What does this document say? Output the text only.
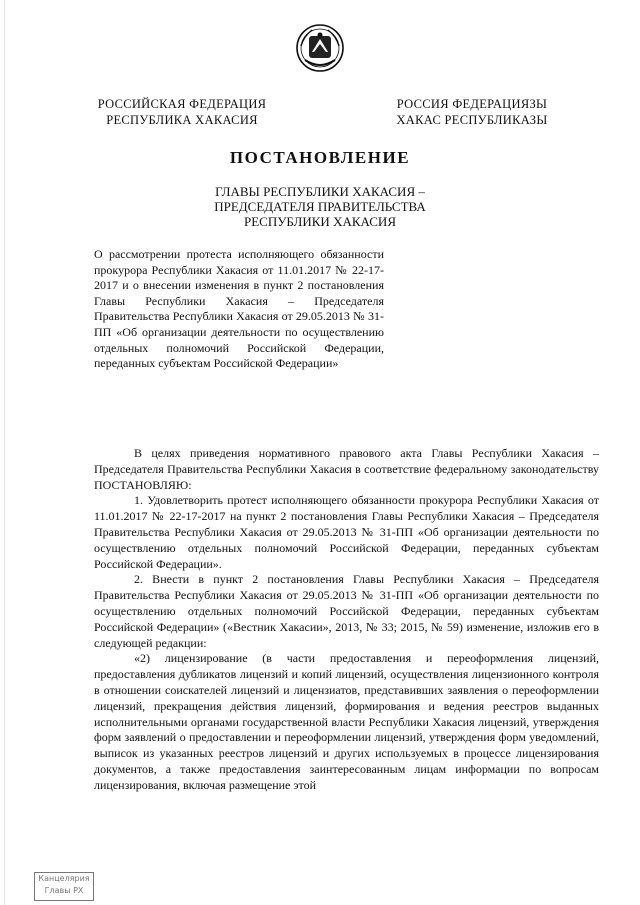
РОССИЙСКАЯ ФЕДЕРАЦИЯ
РЕСПУБЛИКА ХАКАСИЯ
РОССИЯ ФЕДЕРАЦИЯЗЫ
ХАКАС РЕСПУБЛИКАЗЫ
ПОСТАНОВЛЕНИЕ
ГЛАВЫ РЕСПУБЛИКИ ХАКАСИЯ –
ПРЕДСЕДАТЕЛЯ ПРАВИТЕЛЬСТВА
РЕСПУБЛИКИ ХАКАСИЯ
О рассмотрении протеста исполняющего обязанности прокурора Республики Хакасия от 11.01.2017 № 22-17-2017 и о внесении изменения в пункт 2 постановления Главы Республики Хакасия – Председателя Правительства Республики Хакасия от 29.05.2013 № 31-ПП «Об организации деятельности по осуществлению отдельных полномочий Российской Федерации, переданных субъектам Российской Федерации»

В целях приведения нормативного правового акта Главы Республики Хакасия – Председателя Правительства Республики Хакасия в соответствие федеральному законодательству ПОСТАНОВЛЯЮ:

1. Удовлетворить протест исполняющего обязанности прокурора Республики Хакасия от 11.01.2017 № 22-17-2017 на пункт 2 постановления Главы Республики Хакасия – Председателя Правительства Республики Хакасия от 29.05.2013 № 31-ПП «Об организации деятельности по осуществлению отдельных полномочий Российской Федерации, переданных субъектам Российской Федерации».

2. Внести в пункт 2 постановления Главы Республики Хакасия – Председателя Правительства Республики Хакасия от 29.05.2013 № 31-ПП «Об организации деятельности по осуществлению отдельных полномочий Российской Федерации, переданных субъектам Российской Федерации» («Вестник Хакасии», 2013, № 33; 2015, № 59) изменение, изложив его в следующей редакции:

«2) лицензирование (в части предоставления и переоформления лицензий, предоставления дубликатов лицензий и копий лицензий, осуществления лицензионного контроля в отношении соискателей лицензий и лицензиатов, представивших заявления о переоформлении лицензий, прекращения действия лицензий, формирования и ведения реестров выданных исполнительными органами государственной власти Республики Хакасия лицензий, утверждения форм заявлений о предоставлении и переоформлении лицензий, утверждения форм уведомлений, выписок из указанных реестров лицензий и других используемых в процессе лицензирования документов, а также предоставления заинтересованным лицам информации по вопросам лицензирования, включая размещение этой

Канцелярия
Главы РХ
